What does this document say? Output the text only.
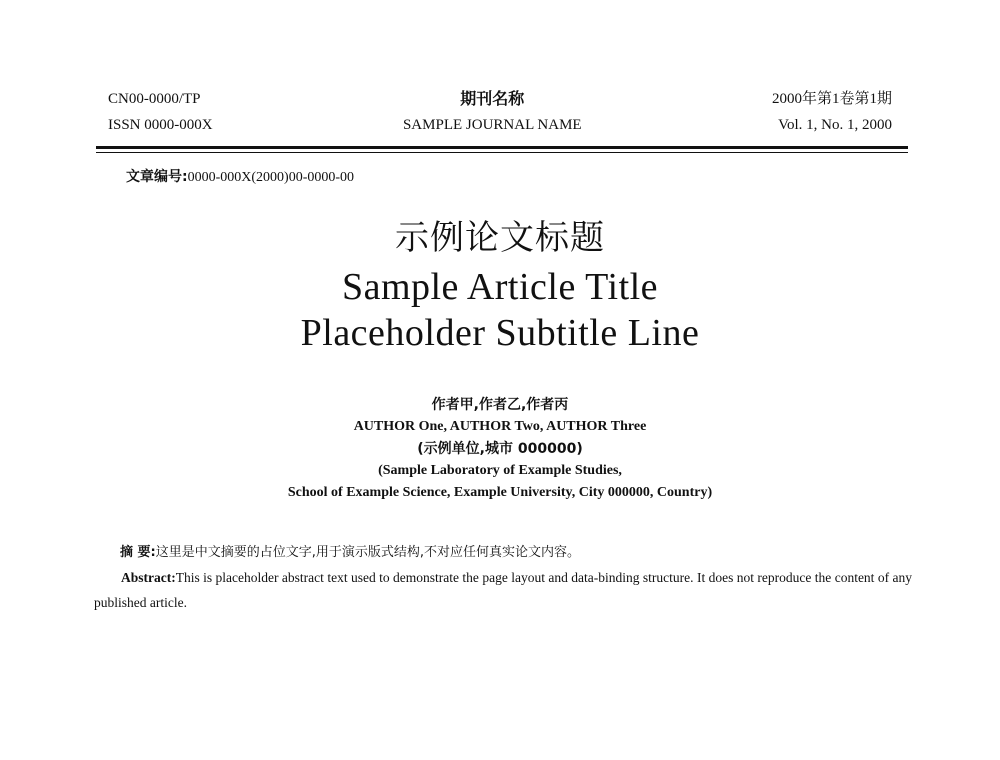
CN00-0000/TP
ISSN 0000-000X
期刊名称
SAMPLE JOURNAL NAME
2000年第1卷第1期
Vol. 1, No. 1, 2000
文章编号:0000-000X(2000)00-0000-00
示例论文标题
Sample Article Title
Placeholder Subtitle Line
作者甲,作者乙,作者丙
AUTHOR One, AUTHOR Two, AUTHOR Three
(示例单位,城市 000000)
(Sample Laboratory of Example Studies,
School of Example Science, Example University, City 000000, Country)

摘 要:这里是中文摘要的占位文字,用于演示版式结构,不对应任何真实论文内容。

Abstract:This is placeholder abstract text used to demonstrate the page layout and data-binding structure. It does not reproduce the content of any published article.
